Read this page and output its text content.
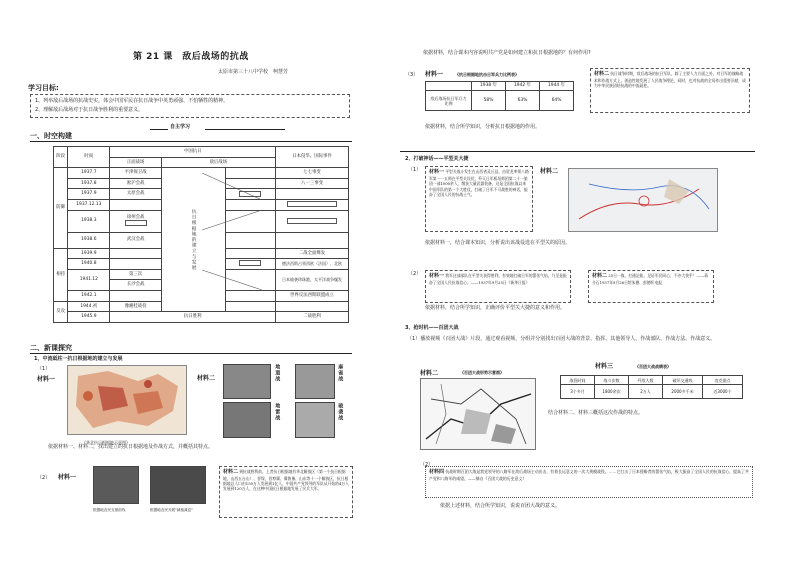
第 21 课　敌后战场的抗战
太原市第三十八中学校　柯慧芳
学习目标:
1、列举敌后战场的抗战史实，体会中国军民在抗日战争中英勇顽强、不怕牺牲的精神。
2、理解敌后战场对于抗日战争胜利的重要意义。
自主学习
一、时空构建
阶段	时间	中国抗日			日本侵华、国际事件
		正面战场	敌后战场		
防御	1937.7	平津保卫战	抗日根据地的建立与发展		七七事变
	1937.8	淞沪会战			八一三事变
	1937.9	太原会战			
	1937.12.13				
	1938.3	徐州会战			

	1938.6	武汉会战			
相持	1939.9				二战全面爆发
	1940.8				德法西斯占领西欧（法国）、北欧
	1941.12	第三次			日本偷袭珍珠港，太平洋战争爆发
		长沙会战			
	1942.1				世界反法西斯联盟成立
反攻	1944.初	豫湘桂战役			
	1945.9	抗日胜利			二战胜利
二、新课探究
1、中流砥柱一抗日根据地的建立与发展
（1）
材料一
《华北抗日根据地示意图》
材料二	地道战	麻雀战
地雷战	破袭战
依据材料一、材料二，找出建立的抗日根据地及作战方式，并概括其特点。
（2） 材料一
根据地农民支援前线	根据地农民开展"减租减息"
材料二 到抗战胜利前，上者抗日根据地有华北解放区（第一个抗日根据地，山西五台山）、晋绥、晋察冀、冀鲁豫、山东等十一个解放区，抗日根据地总人口由150万人发展到1亿人，中国共产党领导的军队从开始的4万人发展到120万人，在这种中国抗日根据地发展了民兵大军。
依据材料，结合课本内容说明共产党是如何建立和抗日根据地的？有何作用?
（3） 材料一	《抗日根据地抗击日军兵力比例表》
	1938 年	1942 年	1944 年
敌后战场抗日军兵力比例	58%	63%	64%
材料二 抗日战争时期，敌后战场的抗日军队，除了主要人力方面之外，对日军的战略战术和作战方式上，创造性地发展了人民战争理论，同时，也对抗战的全局作出重要贡献，成为中华民族团结抗战的中流砥柱。
依据材料，结合所学知识，分析抗日根据地的作用。
2、打破神话——平型关大捷
（1） 材料一 平型关战斗发生在山西省灵丘县，由贺龙率领八路军第一一五师在平型关设伏，歼灭日军板垣师团第二十一旅团一部1000余人，缴获大量武器装备，这是全国抗战以来中国军队的第一个大胜仗，打破了日军不可战胜的神话，振奋了全国人民的抗战士气。
材料二
依据材料一，结合课本知识，分析说出该战役选在平型关的原因。
（2） 材料一 我军这部部队在平型关获得胜利，有效地打破日军的嚣张气焰，乃至是振奋了全国人民抗战信心。——1937年9月25日《新华日报》
材料二 25日一战，打通沦陷，足证军民同心，不亦大快乎！——蒋介石1937年9月26日给朱德、彭德怀电报
依据材料，结合所学知识，正确评价平型关大捷的意义和作用。
3、抢时机——百团大战
（1）播放视频《百团大战》片段，通过观看视频，分组并分别找出百团大战的背景、指挥、其他领导人、作战部队、作战方法、作战意义。
材料二	《百团大战形势示意图》
材料三	《百团大战战绩表》
战役时间	战斗次数	歼敌人数	破坏交通线	攻克据点
3个多月	1800余次	2万人	2000多千米	近3000个
结合材料二、材料三概括这次作战的特点。
（2）
材料四 抗战时期百团大战是我党领导的八路军在敌后战场主动出击，有着长远意义的一次大规模战役。……它打击了日本侵略者的嚣张气焰，极大振奋了全国人民的抗战信心，提高了共产党和八路军的威望。——摘自《百团大战的历史意义》
依据上述材料，结合所学知识，说说百团大战的意义。
